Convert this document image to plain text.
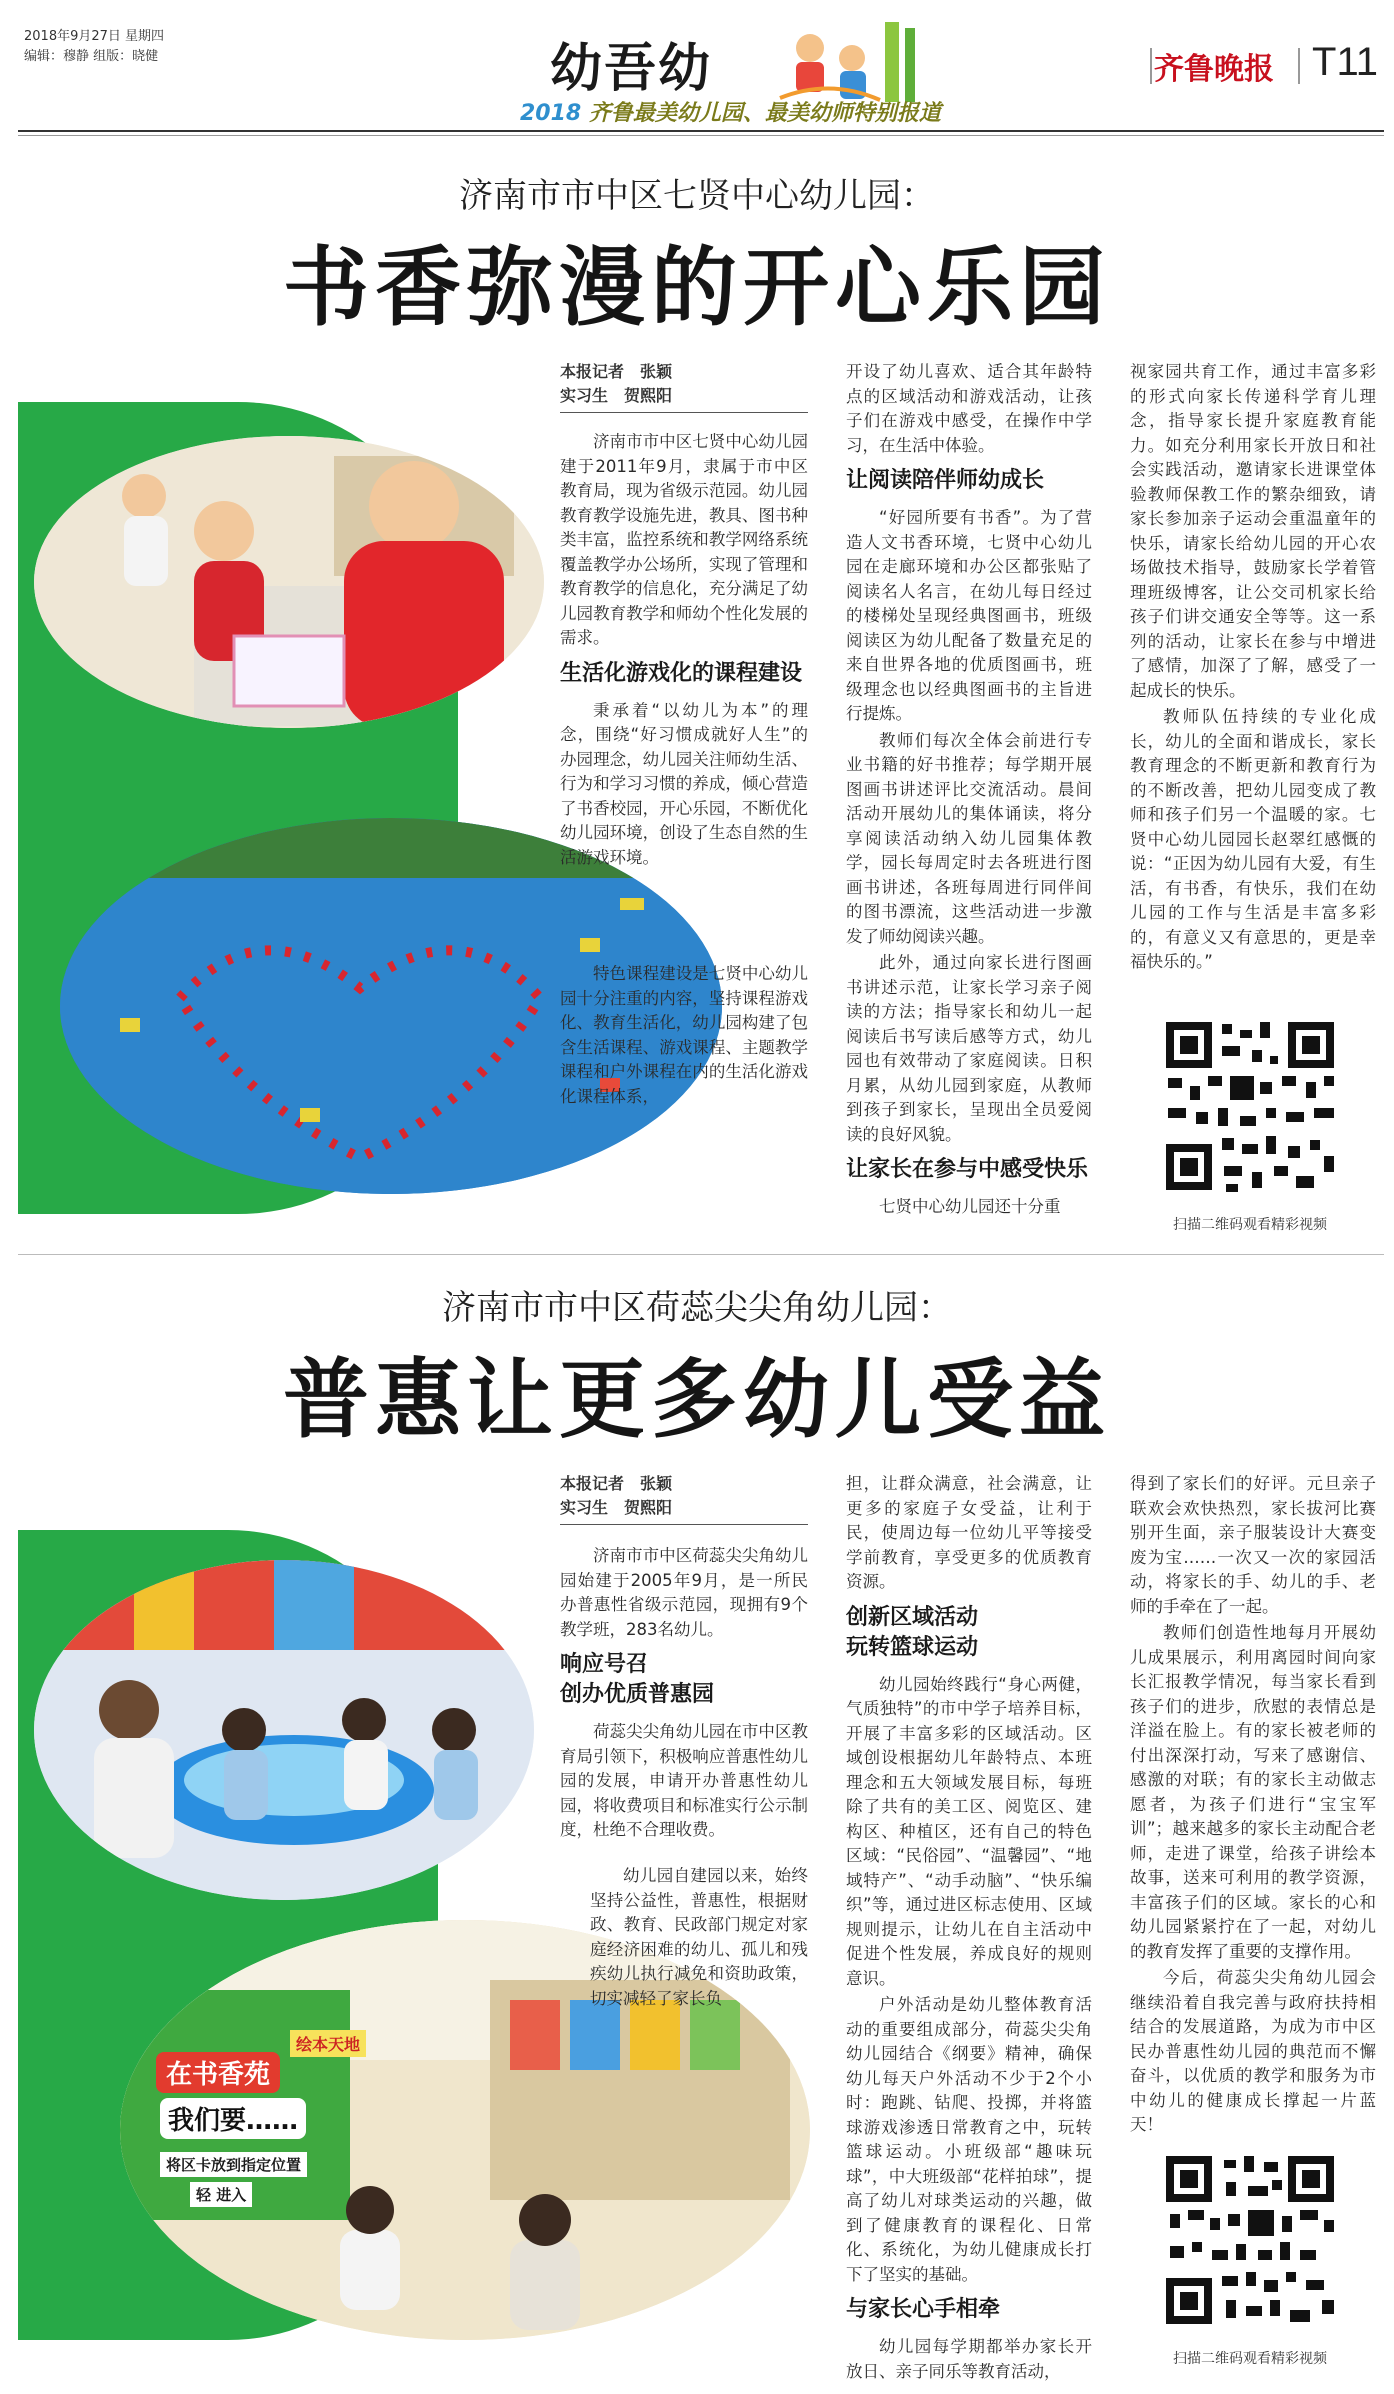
2018年9月27日 星期四
编辑：穆静 组版：晓健	幼吾幼
2018 齐鲁最美幼儿园、最美幼师特别报道
齐鲁晚报 T11
济南市市中区七贤中心幼儿园：
书香弥漫的开心乐园
本报记者　张颖
实习生　贺熙阳

济南市市中区七贤中心幼儿园建于2011年9月，隶属于市中区教育局，现为省级示范园。幼儿园教育教学设施先进，教具、图书种类丰富，监控系统和教学网络系统覆盖教学办公场所，实现了管理和教育教学的信息化，充分满足了幼儿园教育教学和师幼个性化发展的需求。

生活化游戏化的课程建设

秉承着“以幼儿为本”的理念，围绕“好习惯成就好人生”的办园理念，幼儿园关注师幼生活、行为和学习习惯的养成，倾心营造了书香校园，开心乐园，不断优化幼儿园环境，创设了生态自然的生活游戏环境。

特色课程建设是七贤中心幼儿园十分注重的内容，坚持课程游戏化、教育生活化，幼儿园构建了包含生活课程、游戏课程、主题教学课程和户外课程在内的生活化游戏化课程体系，

开设了幼儿喜欢、适合其年龄特点的区域活动和游戏活动，让孩子们在游戏中感受，在操作中学习，在生活中体验。

让阅读陪伴师幼成长

“好园所要有书香”。为了营造人文书香环境，七贤中心幼儿园在走廊环境和办公区都张贴了阅读名人名言，在幼儿每日经过的楼梯处呈现经典图画书，班级阅读区为幼儿配备了数量充足的来自世界各地的优质图画书，班级理念也以经典图画书的主旨进行提炼。

教师们每次全体会前进行专业书籍的好书推荐；每学期开展图画书讲述评比交流活动。晨间活动开展幼儿的集体诵读，将分享阅读活动纳入幼儿园集体教学，园长每周定时去各班进行图画书讲述，各班每周进行同伴间的图书漂流，这些活动进一步激发了师幼阅读兴趣。

此外，通过向家长进行图画书讲述示范，让家长学习亲子阅读的方法；指导家长和幼儿一起阅读后书写读后感等方式，幼儿园也有效带动了家庭阅读。日积月累，从幼儿园到家庭，从教师到孩子到家长，呈现出全员爱阅读的良好风貌。

让家长在参与中感受快乐

七贤中心幼儿园还十分重

视家园共育工作，通过丰富多彩的形式向家长传递科学育儿理念，指导家长提升家庭教育能力。如充分利用家长开放日和社会实践活动，邀请家长进课堂体验教师保教工作的繁杂细致，请家长参加亲子运动会重温童年的快乐，请家长给幼儿园的开心农场做技术指导，鼓励家长学着管理班级博客，让公交司机家长给孩子们讲交通安全等等。这一系列的活动，让家长在参与中增进了感情，加深了了解，感受了一起成长的快乐。

教师队伍持续的专业化成长，幼儿的全面和谐成长，家长教育理念的不断更新和教育行为的不断改善，把幼儿园变成了教师和孩子们另一个温暖的家。七贤中心幼儿园园长赵翠红感慨的说：“正因为幼儿园有大爱，有生活，有书香，有快乐，我们在幼儿园的工作与生活是丰富多彩的，有意义又有意思的，更是幸福快乐的。”

扫描二维码观看精彩视频
济南市市中区荷蕊尖尖角幼儿园：
普惠让更多幼儿受益
在书香苑
我们要……
将区卡放到指定位置
轻 进入
绘本天地
本报记者　张颖
实习生　贺熙阳

济南市市中区荷蕊尖尖角幼儿园始建于2005年9月，是一所民办普惠性省级示范园，现拥有9个教学班，283名幼儿。

响应号召
创办优质普惠园

荷蕊尖尖角幼儿园在市中区教育局引领下，积极响应普惠性幼儿园的发展，申请开办普惠性幼儿园，将收费项目和标准实行公示制度，杜绝不合理收费。

幼儿园自建园以来，始终坚持公益性，普惠性，根据财政、教育、民政部门规定对家庭经济困难的幼儿、孤儿和残疾幼儿执行减免和资助政策，切实减轻了家长负

担，让群众满意，社会满意，让更多的家庭子女受益，让利于民，使周边每一位幼儿平等接受学前教育，享受更多的优质教育资源。

创新区域活动
玩转篮球运动

幼儿园始终践行“身心两健，气质独特”的市中学子培养目标，开展了丰富多彩的区域活动。区域创设根据幼儿年龄特点、本班理念和五大领域发展目标，每班除了共有的美工区、阅览区、建构区、种植区，还有自己的特色区域：“民俗园”、“温馨园”、“地域特产”、“动手动脑”、“快乐编织”等，通过进区标志使用、区域规则提示，让幼儿在自主活动中促进个性发展，养成良好的规则意识。

户外活动是幼儿整体教育活动的重要组成部分，荷蕊尖尖角幼儿园结合《纲要》精神，确保幼儿每天户外活动不少于2个小时：跑跳、钻爬、投掷，并将篮球游戏渗透日常教育之中，玩转篮球运动。小班级部“趣味玩球”，中大班级部“花样拍球”，提高了幼儿对球类运动的兴趣，做到了健康教育的课程化、日常化、系统化，为幼儿健康成长打下了坚实的基础。

与家长心手相牵

幼儿园每学期都举办家长开放日、亲子同乐等教育活动，

得到了家长们的好评。元旦亲子联欢会欢快热烈，家长拔河比赛别开生面，亲子服装设计大赛变废为宝……一次又一次的家园活动，将家长的手、幼儿的手、老师的手牵在了一起。

教师们创造性地每月开展幼儿成果展示，利用离园时间向家长汇报教学情况，每当家长看到孩子们的进步，欣慰的表情总是洋溢在脸上。有的家长被老师的付出深深打动，写来了感谢信、感激的对联；有的家长主动做志愿者，为孩子们进行“宝宝军训”；越来越多的家长主动配合老师，走进了课堂，给孩子讲绘本故事，送来可利用的教学资源，丰富孩子们的区域。家长的心和幼儿园紧紧拧在了一起，对幼儿的教育发挥了重要的支撑作用。

今后，荷蕊尖尖角幼儿园会继续沿着自我完善与政府扶持相结合的发展道路，为成为市中区民办普惠性幼儿园的典范而不懈奋斗，以优质的教学和服务为市中幼儿的健康成长撑起一片蓝天！

扫描二维码观看精彩视频
